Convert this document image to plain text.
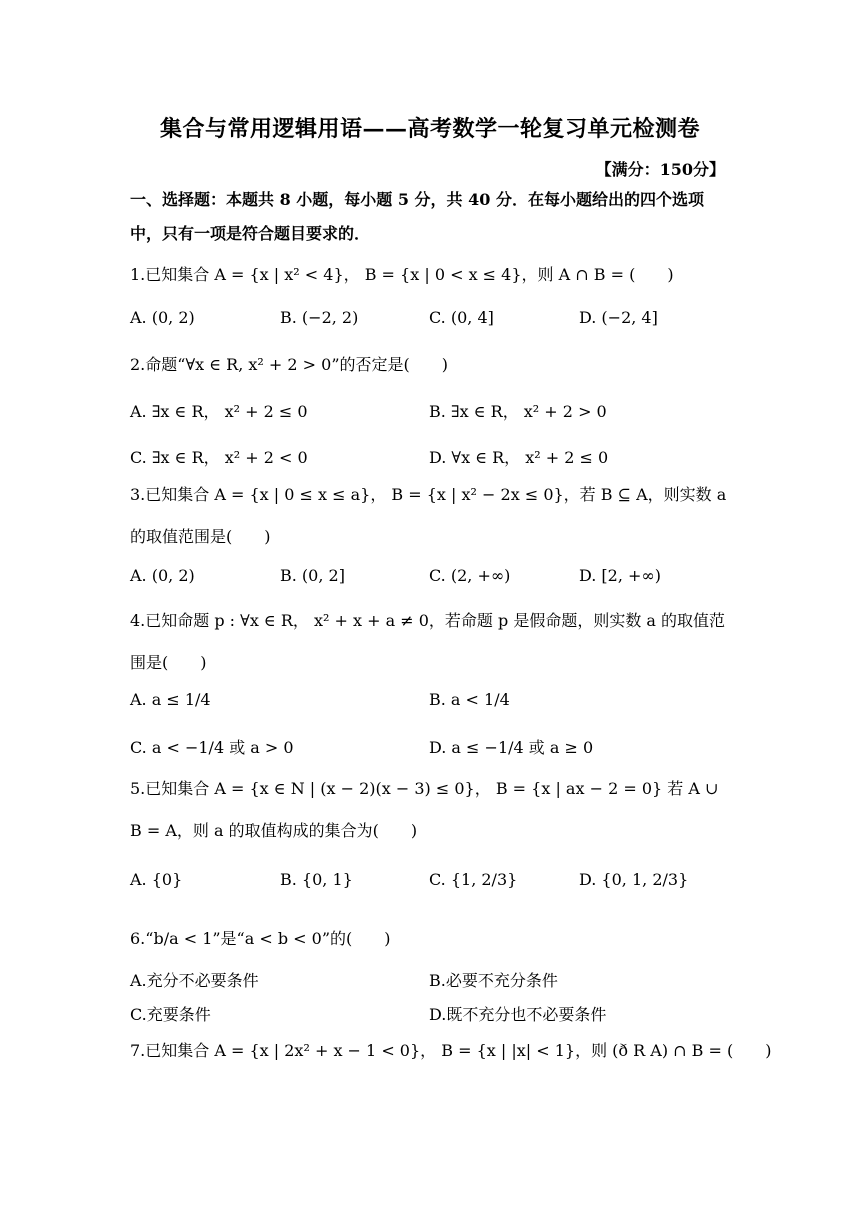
集合与常用逻辑用语——高考数学一轮复习单元检测卷
【满分：150分】
一、选择题：本题共 8 小题，每小题 5 分，共 40 分．在每小题给出的四个选项中，只有一项是符合题目要求的．
1.已知集合 A = {x | x² < 4}， B = {x | 0 < x ≤ 4}，则 A ∩ B = (　　)
A. (0, 2)	B. (−2, 2)	C. (0, 4]	D. (−2, 4]
2.命题“∀x ∈ R, x² + 2 > 0”的否定是(　　)
A. ∃x ∈ R， x² + 2 ≤ 0	B. ∃x ∈ R， x² + 2 > 0
C. ∃x ∈ R， x² + 2 < 0	D. ∀x ∈ R， x² + 2 ≤ 0
3.已知集合 A = {x | 0 ≤ x ≤ a}， B = {x | x² − 2x ≤ 0}，若 B ⊆ A，则实数 a 的取值范围是(　　)
A. (0, 2)	B. (0, 2]	C. (2, +∞)	D. [2, +∞)
4.已知命题 p : ∀x ∈ R， x² + x + a ≠ 0，若命题 p 是假命题，则实数 a 的取值范围是(　　)
A. a ≤ 1/4	B. a < 1/4
C. a < −1/4 或 a > 0	D. a ≤ −1/4 或 a ≥ 0
5.已知集合 A = {x ∈ N | (x − 2)(x − 3) ≤ 0}， B = {x | ax − 2 = 0} 若 A ∪ B = A，则 a 的取值构成的集合为(　　)
A. {0}	B. {0, 1}	C. {1, 2/3}	D. {0, 1, 2/3}
6.“b/a < 1”是“a < b < 0”的(　　)
A.充分不必要条件	B.必要不充分条件
C.充要条件	D.既不充分也不必要条件
7.已知集合 A = {x | 2x² + x − 1 < 0}， B = {x | |x| < 1}，则 (ð R A) ∩ B = (　　)
